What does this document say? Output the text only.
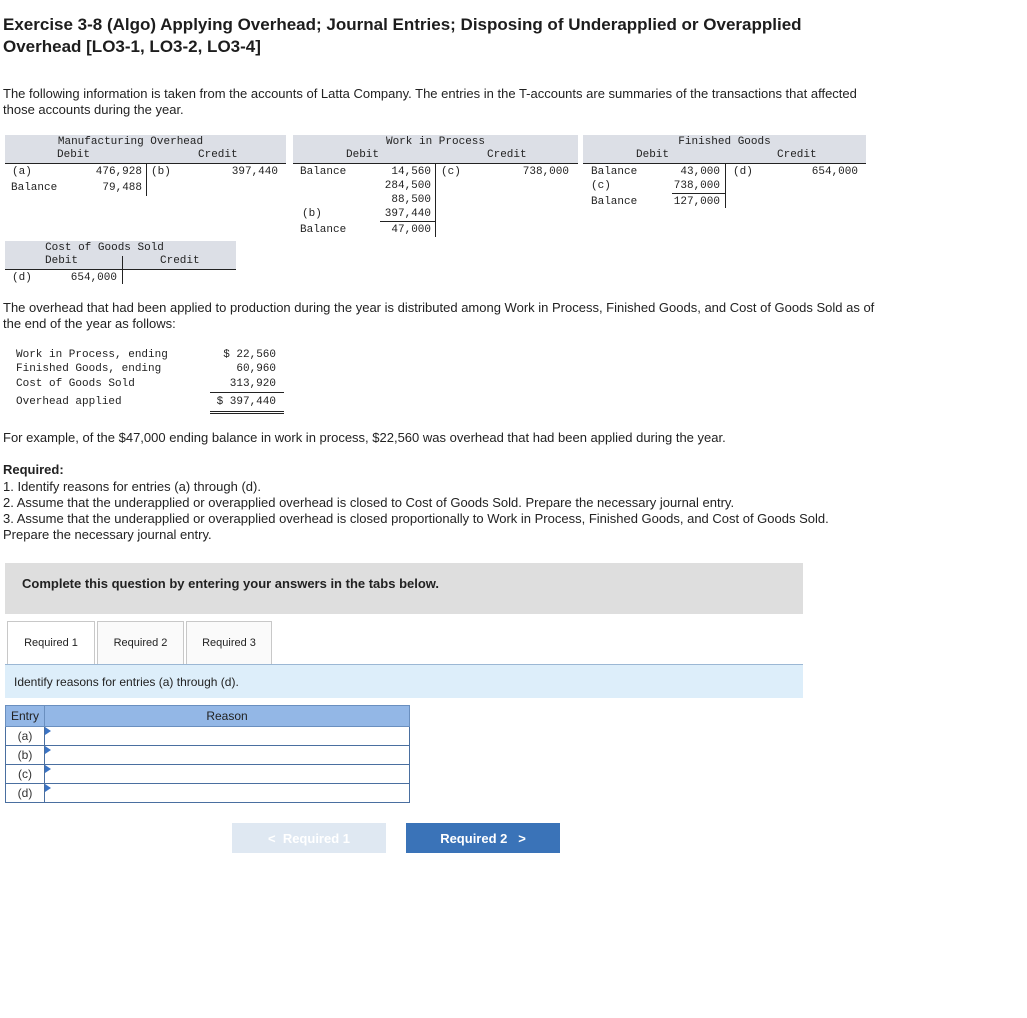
Exercise 3-8 (Algo) Applying Overhead; Journal Entries; Disposing of Underapplied or Overapplied Overhead [LO3-1, LO3-2, LO3-4]
The following information is taken from the accounts of Latta Company. The entries in the T-accounts are summaries of the transactions that affected those accounts during the year.
Manufacturing Overhead
Debit	Credit
(a)	476,928 (b)	397,440
Balance	79,488
Work in Process
Debit	Credit
Balance	14,560 (c)	738,000
284,500
88,500
(b)	397,440
Balance	47,000
Finished Goods
Debit	Credit
Balance	43,000 (d)	654,000
(c)	738,000
Balance	127,000
Cost of Goods Sold
Debit	Credit
(d)	654,000
The overhead that had been applied to production during the year is distributed among Work in Process, Finished Goods, and Cost of Goods Sold as of the end of the year as follows:
Work in Process, ending	$ 22,560
Finished Goods, ending	60,960
Cost of Goods Sold	313,920
Overhead applied	$ 397,440
For example, of the $47,000 ending balance in work in process, $22,560 was overhead that had been applied during the year.
Required:
1. Identify reasons for entries (a) through (d).
2. Assume that the underapplied or overapplied overhead is closed to Cost of Goods Sold. Prepare the necessary journal entry.
3. Assume that the underapplied or overapplied overhead is closed proportionally to Work in Process, Finished Goods, and Cost of Goods Sold. Prepare the necessary journal entry.
Complete this question by entering your answers in the tabs below.
Required 1	Required 2	Required 3
Identify reasons for entries (a) through (d).
Entry	Reason
(a)	

(b)	

(c)	

(d)	
< Required 1	Required 2 >
